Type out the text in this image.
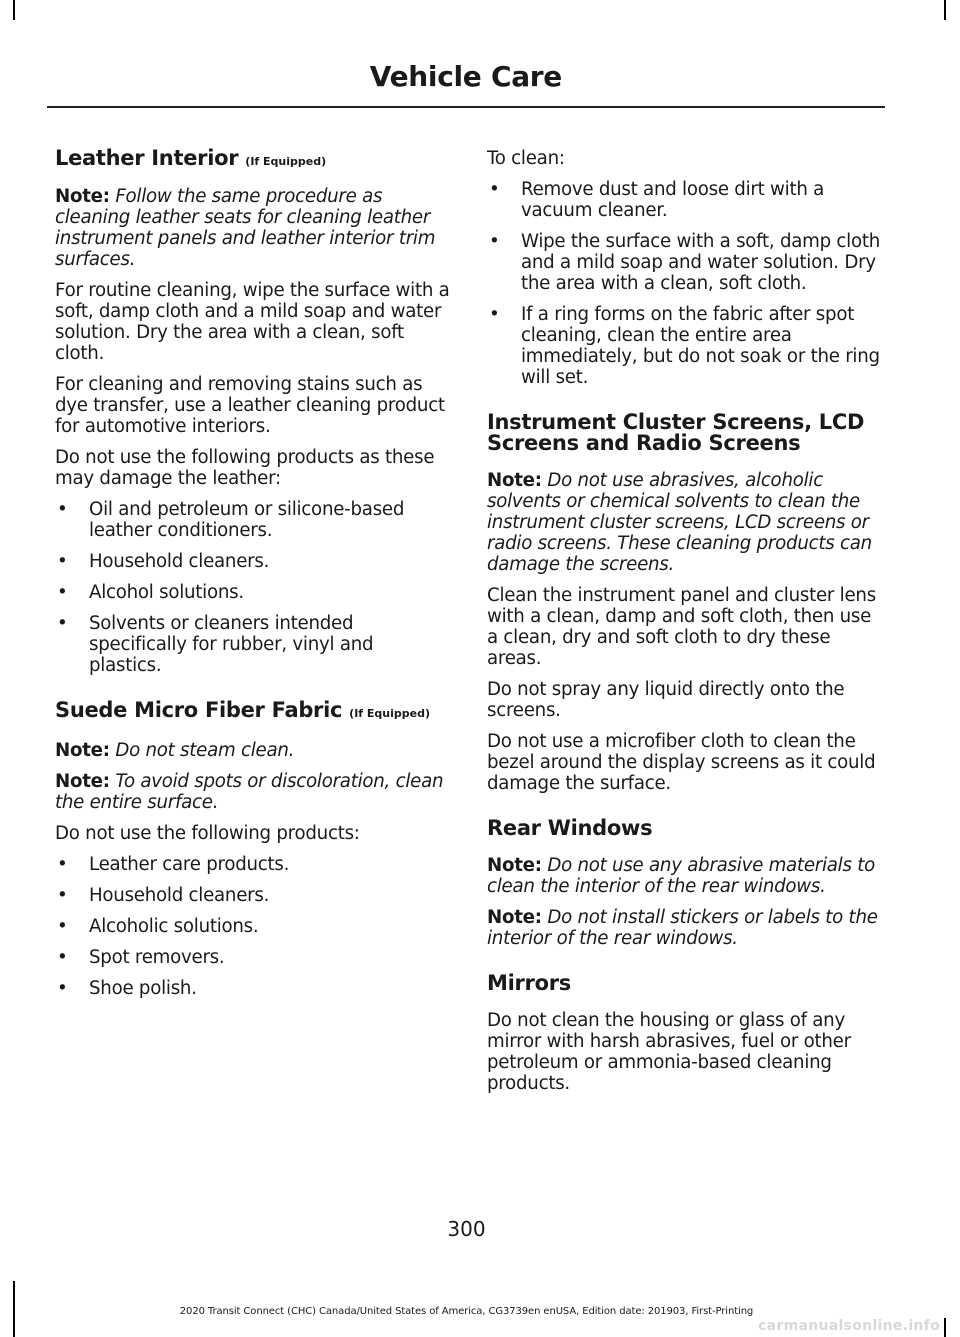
Vehicle Care
Leather Interior (If Equipped)

Note: Follow the same procedure as cleaning leather seats for cleaning leather instrument panels and leather interior trim surfaces.

For routine cleaning, wipe the surface with a soft, damp cloth and a mild soap and water solution. Dry the area with a clean, soft cloth.

For cleaning and removing stains such as dye transfer, use a leather cleaning product for automotive interiors.

Do not use the following products as these may damage the leather:

• Oil and petroleum or silicone-based leather conditioners.
• Household cleaners.
• Alcohol solutions.
• Solvents or cleaners intended specifically for rubber, vinyl and plastics.
Suede Micro Fiber Fabric (If Equipped)

Note: Do not steam clean.

Note: To avoid spots or discoloration, clean the entire surface.

Do not use the following products:

• Leather care products.
• Household cleaners.
• Alcoholic solutions.
• Spot removers.
• Shoe polish.

To clean:

• Remove dust and loose dirt with a vacuum cleaner.
• Wipe the surface with a soft, damp cloth and a mild soap and water solution. Dry the area with a clean, soft cloth.
• If a ring forms on the fabric after spot cleaning, clean the entire area immediately, but do not soak or the ring will set.
Instrument Cluster Screens, LCD Screens and Radio Screens

Note: Do not use abrasives, alcoholic solvents or chemical solvents to clean the instrument cluster screens, LCD screens or radio screens. These cleaning products can damage the screens.

Clean the instrument panel and cluster lens with a clean, damp and soft cloth, then use a clean, dry and soft cloth to dry these areas.

Do not spray any liquid directly onto the screens.

Do not use a microfiber cloth to clean the bezel around the display screens as it could damage the surface.

Rear Windows

Note: Do not use any abrasive materials to clean the interior of the rear windows.

Note: Do not install stickers or labels to the interior of the rear windows.

Mirrors

Do not clean the housing or glass of any mirror with harsh abrasives, fuel or other petroleum or ammonia-based cleaning products.

300
2020 Transit Connect (CHC) Canada/United States of America, CG3739en enUSA, Edition date: 201903, First-Printing
carmanualsonline.info
